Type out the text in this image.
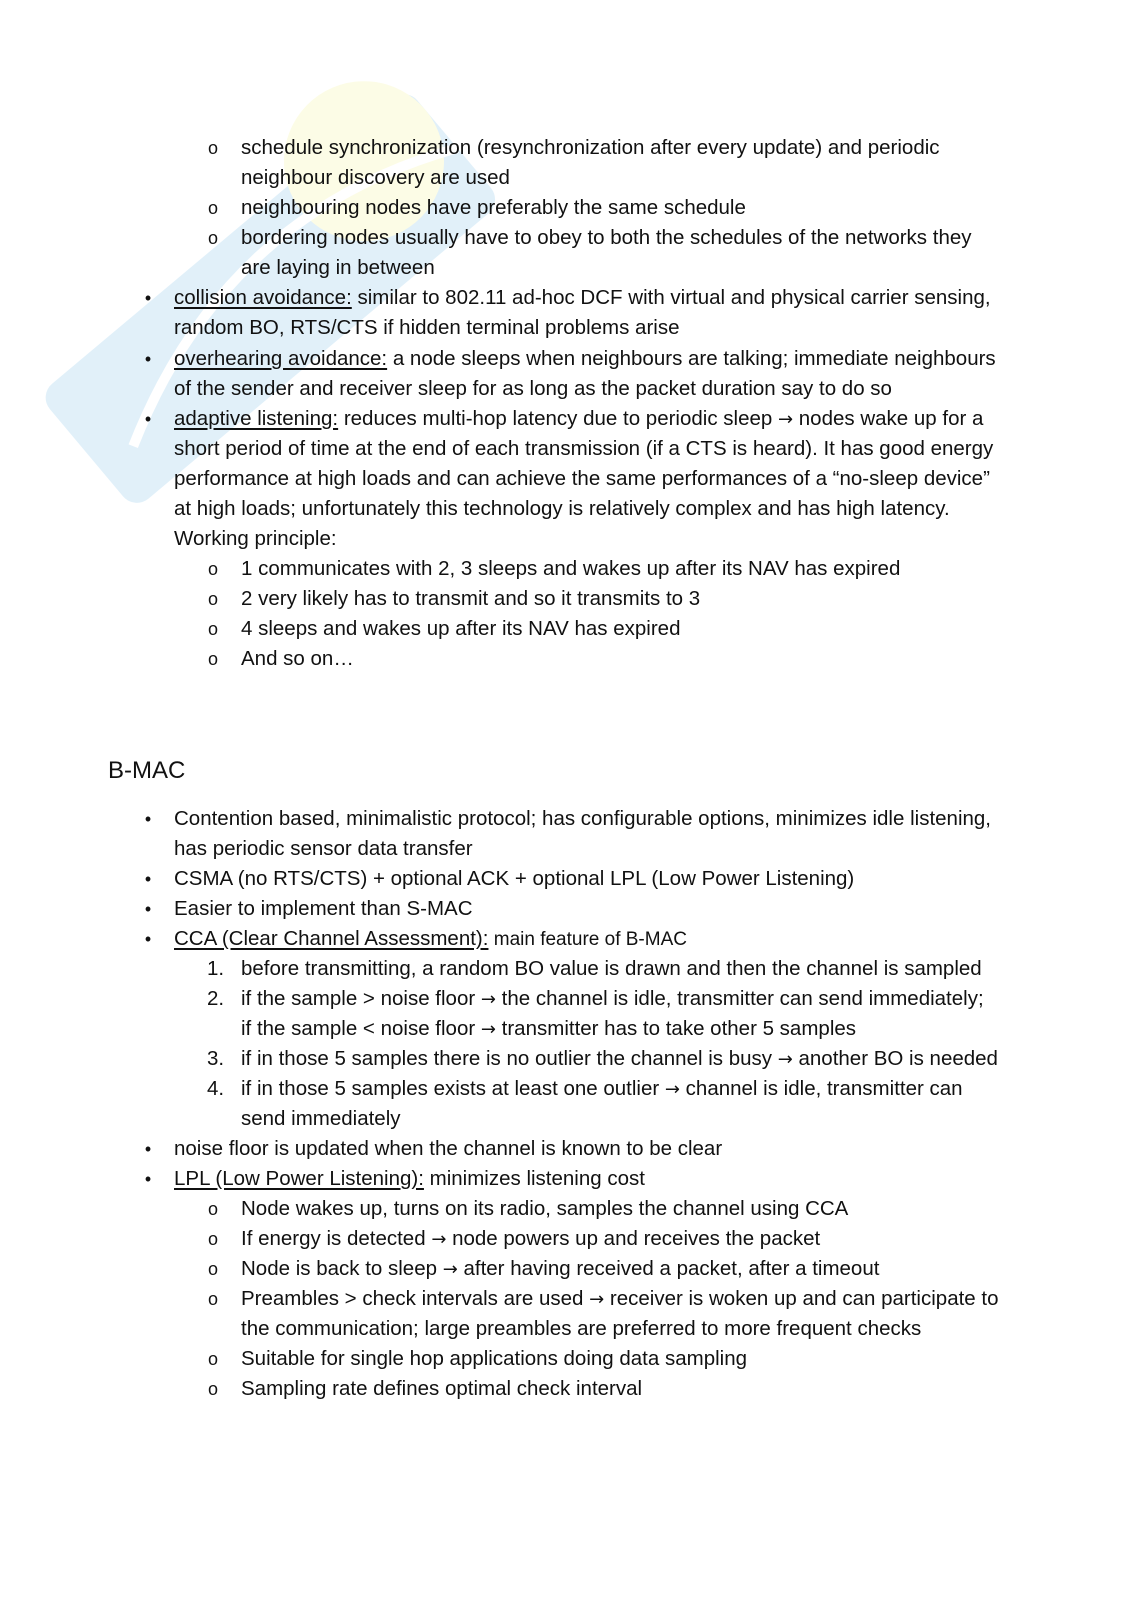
o	schedule synchronization (resynchronization after every update) and periodic
neighbour discovery are used
o	neighbouring nodes have preferably the same schedule
o	bordering nodes usually have to obey to both the schedules of the networks they
are laying in between
•	collision avoidance: similar to 802.11 ad-hoc DCF with virtual and physical carrier sensing,
random BO, RTS/CTS if hidden terminal problems arise
•	overhearing avoidance: a node sleeps when neighbours are talking; immediate neighbours
of the sender and receiver sleep for as long as the packet duration say to do so
•	adaptive listening: reduces multi-hop latency due to periodic sleep → nodes wake up for a
short period of time at the end of each transmission (if a CTS is heard). It has good energy
performance at high loads and can achieve the same performances of a “no-sleep device”
at high loads; unfortunately this technology is relatively complex and has high latency.
Working principle:
o	1 communicates with 2, 3 sleeps and wakes up after its NAV has expired
o	2 very likely has to transmit and so it transmits to 3
o	4 sleeps and wakes up after its NAV has expired
o	And so on…
B-MAC
•	Contention based, minimalistic protocol; has configurable options, minimizes idle listening,
has periodic sensor data transfer
•	CSMA (no RTS/CTS) + optional ACK + optional LPL (Low Power Listening)
•	Easier to implement than S-MAC
•	CCA (Clear Channel Assessment): main feature of B-MAC
1. before transmitting, a random BO value is drawn and then the channel is sampled
2. if the sample > noise floor → the channel is idle, transmitter can send immediately;
if the sample < noise floor → transmitter has to take other 5 samples
3. if in those 5 samples there is no outlier the channel is busy → another BO is needed
4. if in those 5 samples exists at least one outlier → channel is idle, transmitter can
send immediately
•	noise floor is updated when the channel is known to be clear
•	LPL (Low Power Listening): minimizes listening cost
o	Node wakes up, turns on its radio, samples the channel using CCA
o	If energy is detected → node powers up and receives the packet
o	Node is back to sleep → after having received a packet, after a timeout
o	Preambles > check intervals are used → receiver is woken up and can participate to
the communication; large preambles are preferred to more frequent checks
o	Suitable for single hop applications doing data sampling
o	Sampling rate defines optimal check interval
